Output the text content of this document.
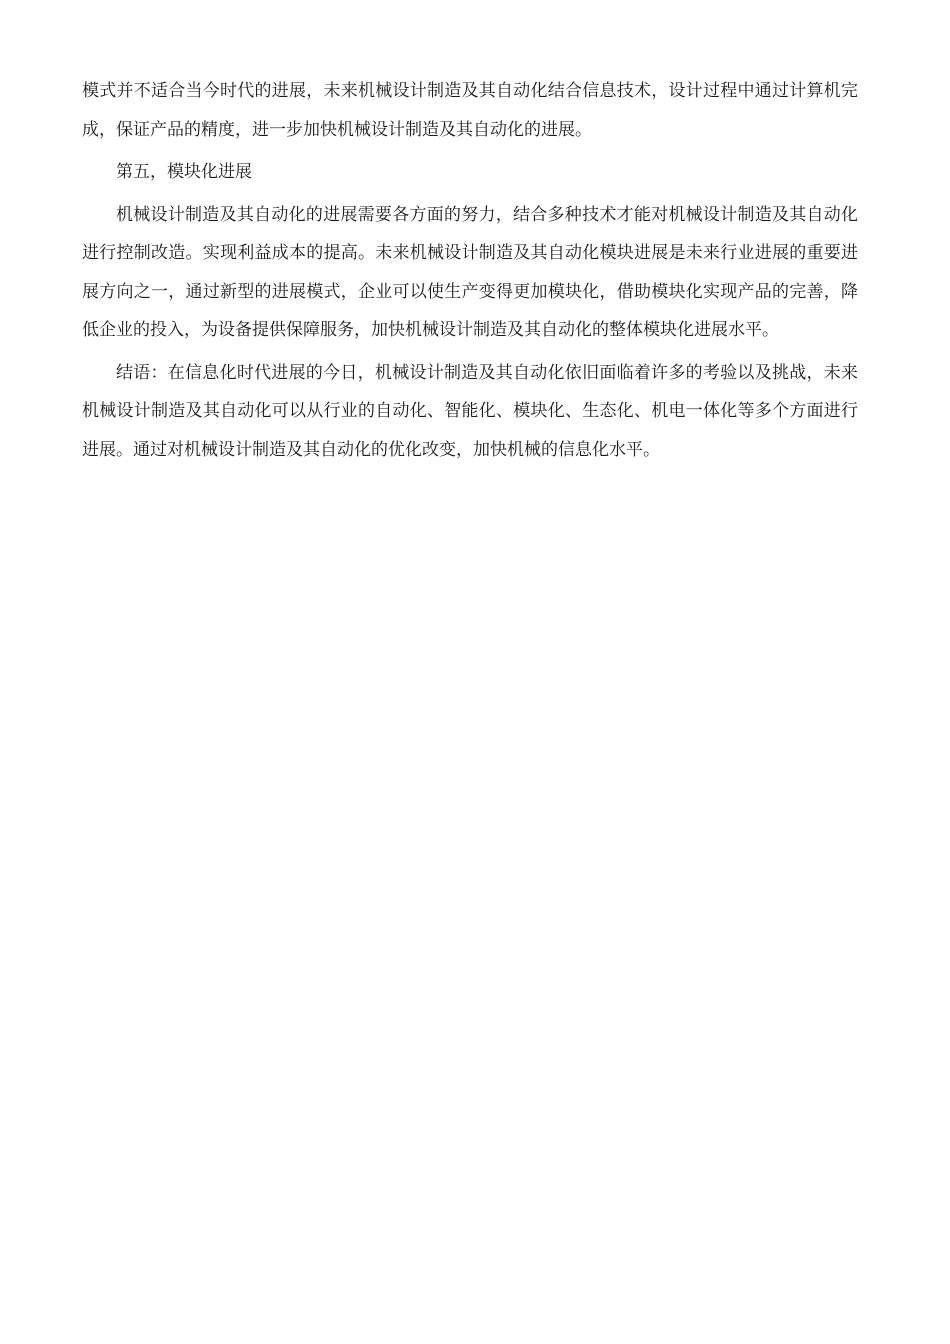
模式并不适合当今时代的进展，未来机械设计制造及其自动化结合信息技术，设计过程中通过计算机完成，保证产品的精度，进一步加快机械设计制造及其自动化的进展。

第五，模块化进展

机械设计制造及其自动化的进展需要各方面的努力，结合多种技术才能对机械设计制造及其自动化进行控制改造。实现利益成本的提高。未来机械设计制造及其自动化模块进展是未来行业进展的重要进展方向之一，通过新型的进展模式，企业可以使生产变得更加模块化，借助模块化实现产品的完善，降低企业的投入，为设备提供保障服务，加快机械设计制造及其自动化的整体模块化进展水平。

结语：在信息化时代进展的今日，机械设计制造及其自动化依旧面临着许多的考验以及挑战，未来机械设计制造及其自动化可以从行业的自动化、智能化、模块化、生态化、机电一体化等多个方面进行进展。通过对机械设计制造及其自动化的优化改变，加快机械的信息化水平。
